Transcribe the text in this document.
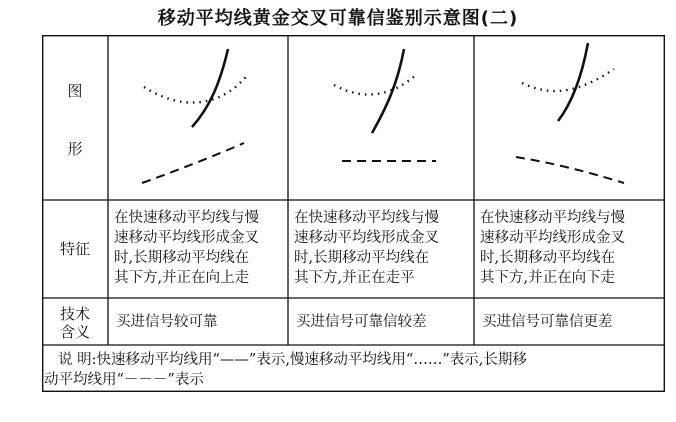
移动平均线黄金交叉可靠信鉴别示意图(二)
图
形
特征
技术
含义
在快速移动平均线与慢
速移动平均线形成金叉
时,长期移动平均线在
其下方,并正在向上走
在快速移动平均线与慢
速移动平均线形成金叉
时,长期移动平均线在
其下方,并正在走平
在快速移动平均线与慢
速移动平均线形成金叉
时,长期移动平均线在
其下方,并正在向下走
买进信号较可靠	买进信号可靠信较差	买进信号可靠信更差
说 明:快速移动平均线用“——”表示,慢速移动平均线用“……”表示,长期移
动平均线用“－－－”表示
